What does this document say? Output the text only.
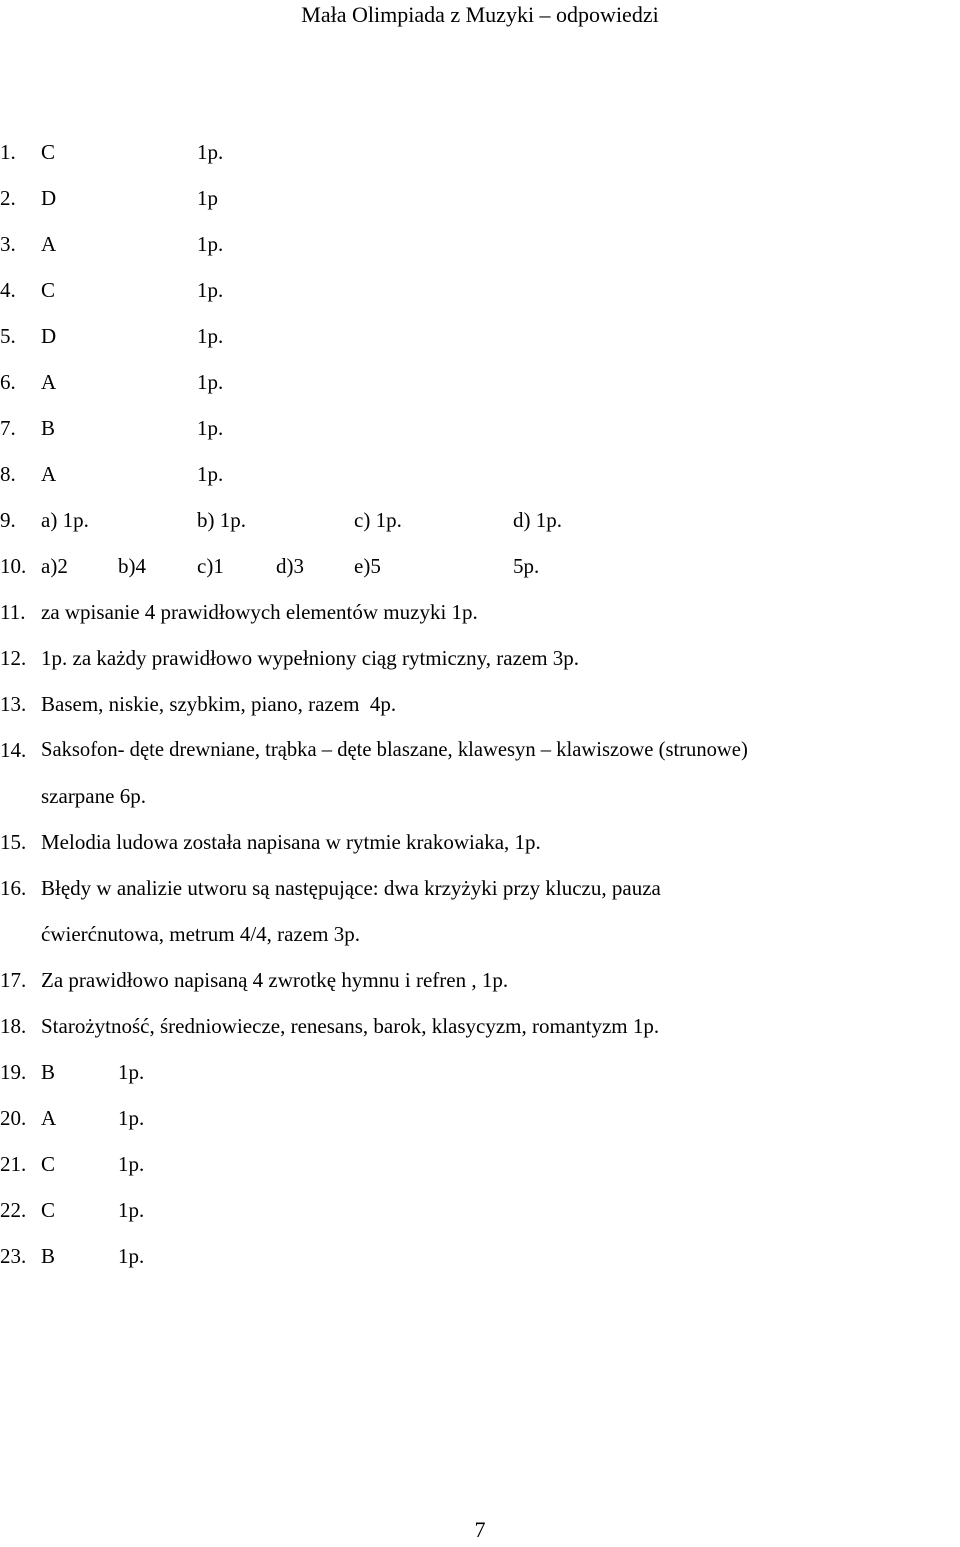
Mała Olimpiada z Muzyki – odpowiedzi
1.	C	1p.
2.	D	1p
3.	A	1p.
4.	C	1p.
5.	D	1p.
6.	A	1p.
7.	B	1p.
8.	A	1p.
9.	a) 1p.	b) 1p.	c) 1p.	d) 1p.
10. a)2 b)4 c)1 d)3 e)5	5p.
11. za wpisanie 4 prawidłowych elementów muzyki 1p.
12. 1p. za każdy prawidłowo wypełniony ciąg rytmiczny, razem 3p.
13. Basem, niskie, szybkim, piano, razem  4p.
14. Saksofon- dęte drewniane, trąbka – dęte blaszane, klawesyn – klawiszowe (strunowe)
szarpane 6p.
15. Melodia ludowa została napisana w rytmie krakowiaka, 1p.
16. Błędy w analizie utworu są następujące: dwa krzyżyki przy kluczu, pauza
ćwierćnutowa, metrum 4/4, razem 3p.
17. Za prawidłowo napisaną 4 zwrotkę hymnu i refren , 1p.
18. Starożytność, średniowiecze, renesans, barok, klasycyzm, romantyzm 1p.
19. B	1p.
20. A	1p.
21. C	1p.
22. C	1p.
23. B	1p.
7
